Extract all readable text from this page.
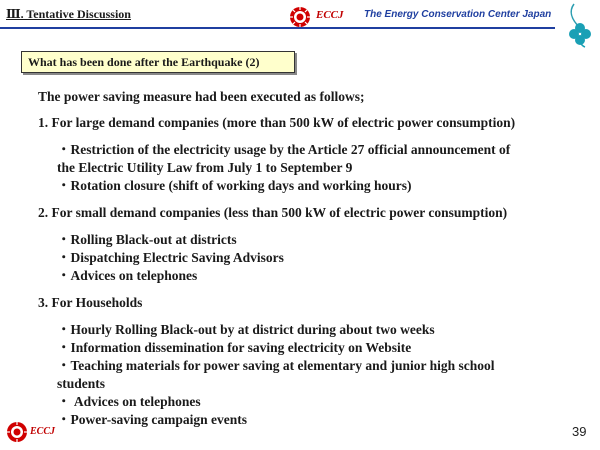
Ⅲ. Tentative Discussion	ECCJ The Energy Conservation Center Japan
What has been done after the Earthquake (2)
The power saving measure had been executed as follows;
1. For large demand companies (more than 500 kW of electric power consumption)
・Restriction of the electricity usage by the Article 27 official announcement of
the Electric Utility Law from July 1 to September 9
・Rotation closure (shift of working days and working hours)
2. For small demand companies (less than 500 kW of electric power consumption)
・Rolling Black-out at districts
・Dispatching Electric Saving Advisors
・Advices on telephones
3. For Households
・Hourly Rolling Black-out by at district during about two weeks
・Information dissemination for saving electricity on Website
・Teaching materials for power saving at elementary and junior high school
students
・ Advices on telephones
・Power-saving campaign events
ECCJ	39
